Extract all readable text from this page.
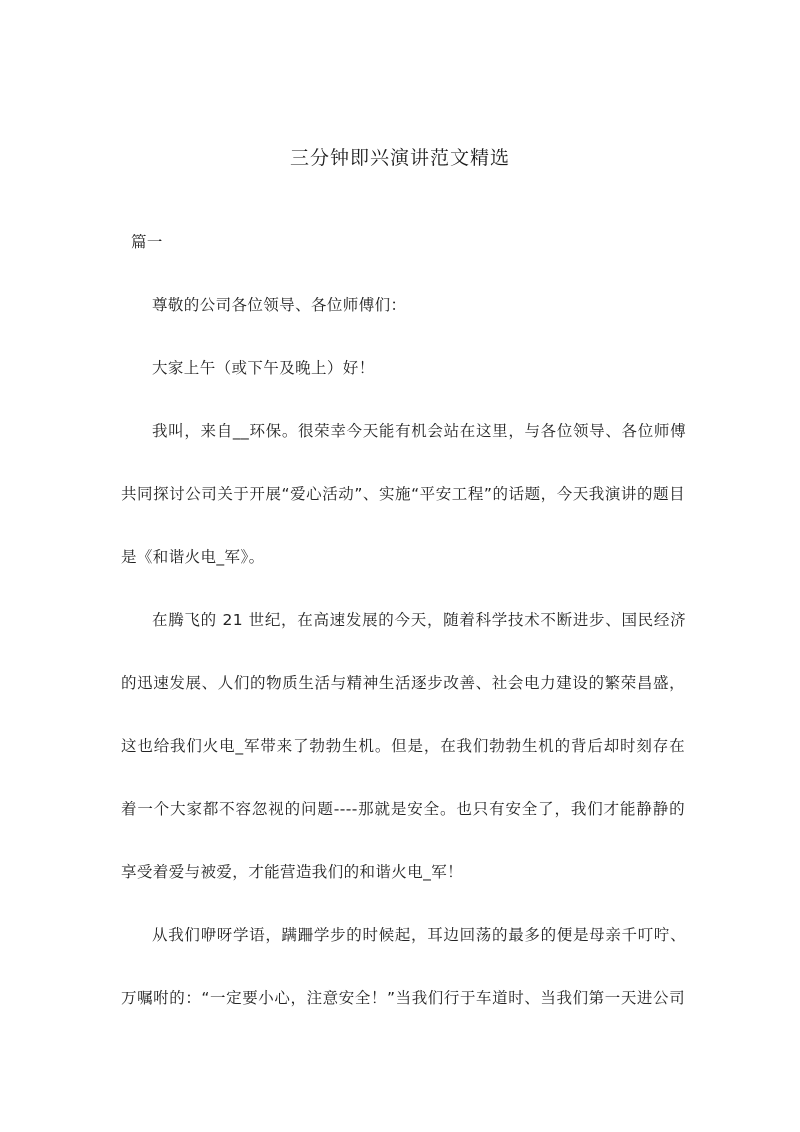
三分钟即兴演讲范文精选
篇一
尊敬的公司各位领导、各位师傅们：
大家上午（或下午及晚上）好！
我叫，来自__环保。很荣幸今天能有机会站在这里，与各位领导、各位师傅
共同探讨公司关于开展“爱心活动”、实施“平安工程”的话题，今天我演讲的题目
是《和谐火电_军》。
在腾飞的 21 世纪，在高速发展的今天，随着科学技术不断进步、国民经济
的迅速发展、人们的物质生活与精神生活逐步改善、社会电力建设的繁荣昌盛，
这也给我们火电_军带来了勃勃生机。但是，在我们勃勃生机的背后却时刻存在
着一个大家都不容忽视的问题----那就是安全。也只有安全了，我们才能静静的
享受着爱与被爱，才能营造我们的和谐火电_军！
从我们咿呀学语，蹒跚学步的时候起，耳边回荡的最多的便是母亲千叮咛、
万嘱咐的：“一定要小心，注意安全！”当我们行于车道时、当我们第一天进公司
